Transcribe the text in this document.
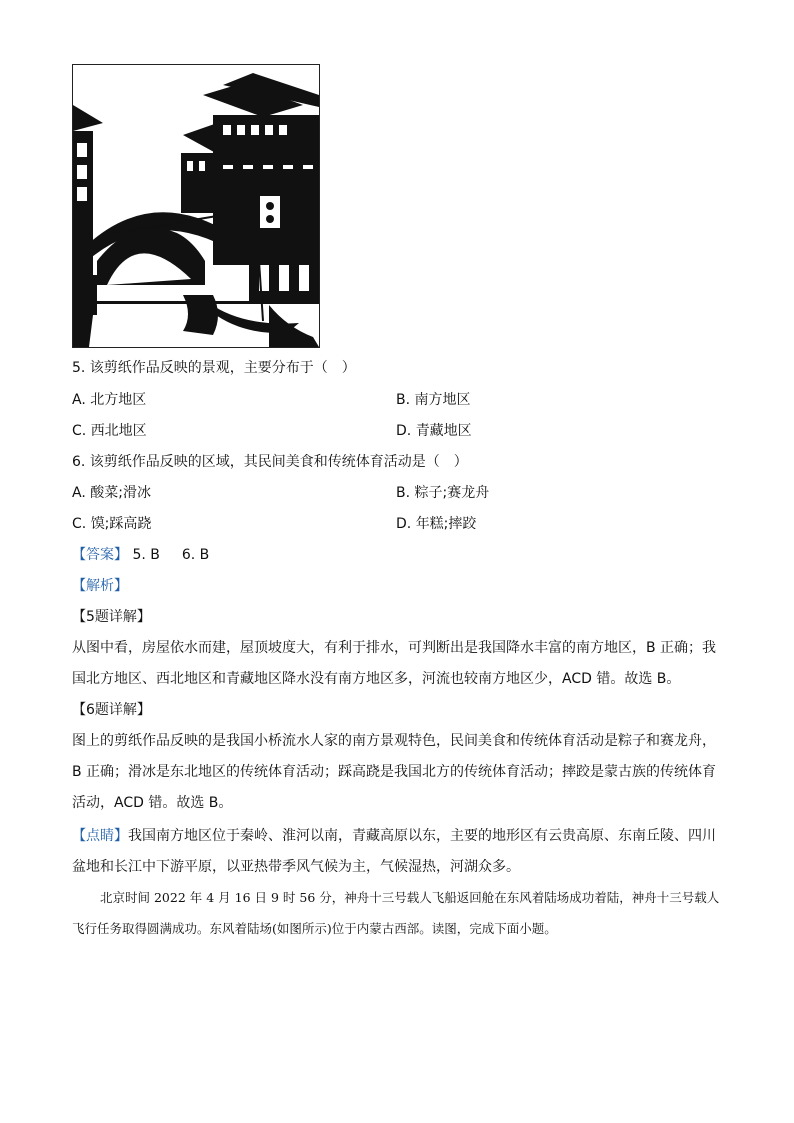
5. 该剪纸作品反映的景观，主要分布于（　）
A. 北方地区	B. 南方地区
C. 西北地区	D. 青藏地区
6. 该剪纸作品反映的区域，其民间美食和传统体育活动是（　）
A. 酸菜;滑冰	B. 粽子;赛龙舟
C. 馍;踩高跷	D. 年糕;摔跤
【答案】 5. B 6. B
【解析】
【5题详解】
从图中看，房屋依水而建，屋顶坡度大，有利于排水，可判断出是我国降水丰富的南方地区，B 正确；我国北方地区、西北地区和青藏地区降水没有南方地区多，河流也较南方地区少，ACD 错。故选 B。
【6题详解】
图上的剪纸作品反映的是我国小桥流水人家的南方景观特色，民间美食和传统体育活动是粽子和赛龙舟，B 正确；滑冰是东北地区的传统体育活动；踩高跷是我国北方的传统体育活动；摔跤是蒙古族的传统体育活动，ACD 错。故选 B。
【点睛】我国南方地区位于秦岭、淮河以南，青藏高原以东，主要的地形区有云贵高原、东南丘陵、四川盆地和长江中下游平原，以亚热带季风气候为主，气候湿热，河湖众多。
北京时间 2022 年 4 月 16 日 9 时 56 分，神舟十三号载人飞船返回舱在东风着陆场成功着陆，神舟十三号载人飞行任务取得圆满成功。东风着陆场(如图所示)位于内蒙古西部。读图，完成下面小题。
